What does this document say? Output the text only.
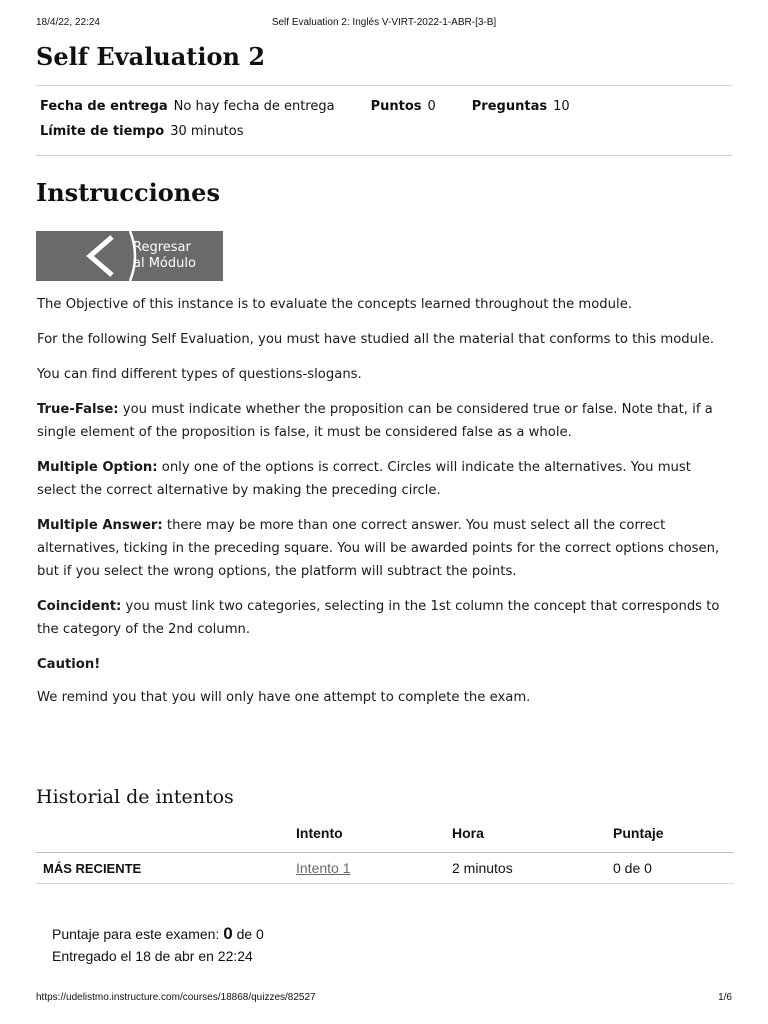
18/4/22, 22:24	Self Evaluation 2: Inglés V-VIRT-2022-1-ABR-[3-B]
Self Evaluation 2
Fecha de entrega No hay fecha de entrega	Puntos 0	Preguntas 10
Límite de tiempo 30 minutos
Instrucciones
Regresar
al Módulo

The Objective of this instance is to evaluate the concepts learned throughout the module.

For the following Self Evaluation, you must have studied all the material that conforms to this module.

You can find different types of questions-slogans.

True-False: you must indicate whether the proposition can be considered true or false. Note that, if a single element of the proposition is false, it must be considered false as a whole.

Multiple Option: only one of the options is correct. Circles will indicate the alternatives. You must select the correct alternative by making the preceding circle.

Multiple Answer: there may be more than one correct answer. You must select all the correct alternatives, ticking in the preceding square. You will be awarded points for the correct options chosen, but if you select the wrong options, the platform will subtract the points.

Coincident: you must link two categories, selecting in the 1st column the concept that corresponds to the category of the 2nd column.

Caution!

We remind you that you will only have one attempt to complete the exam.

Historial de intentos
	Intento	Hora	Puntaje
MÁS RECIENTE	Intento 1	2 minutos	0 de 0
Puntaje para este examen: 0 de 0
Entregado el 18 de abr en 22:24
https://udelistmo.instructure.com/courses/18868/quizzes/82527	1/6
